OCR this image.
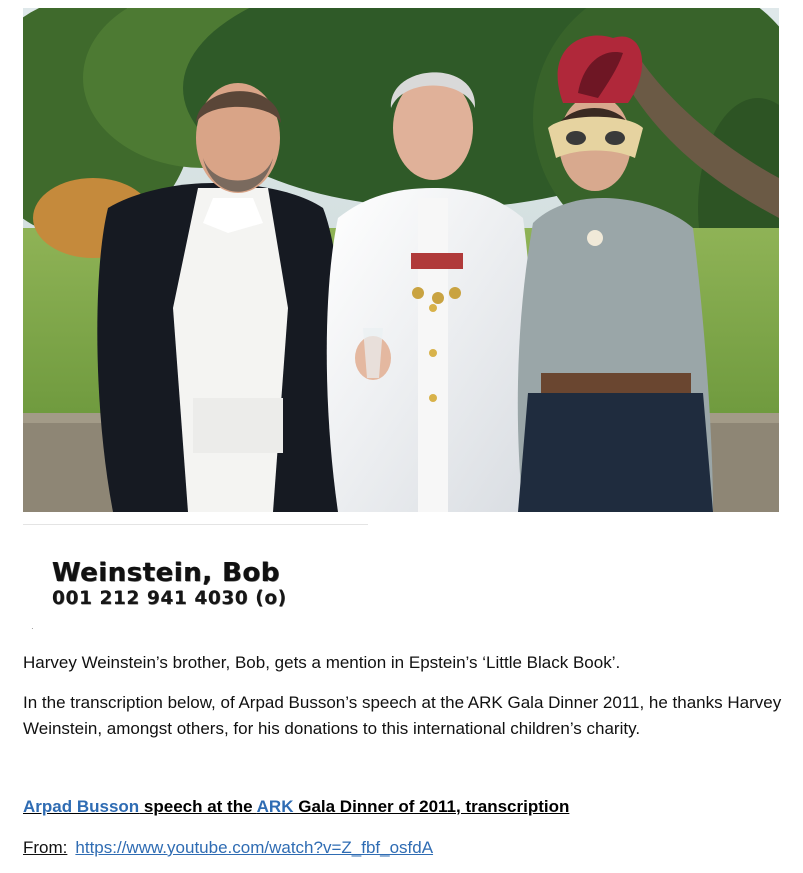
Weinstein, Bob
001 212 941 4030 (o)
·
Harvey Weinstein’s brother, Bob, gets a mention in Epstein’s ‘Little Black Book’.
In the transcription below, of Arpad Busson’s speech at the ARK Gala Dinner 2011, he thanks Harvey Weinstein, amongst others, for his donations to this international children’s charity.
Arpad Busson speech at the ARK Gala Dinner of 2011, transcription
From: https://www.youtube.com/watch?v=Z_fbf_osfdA
